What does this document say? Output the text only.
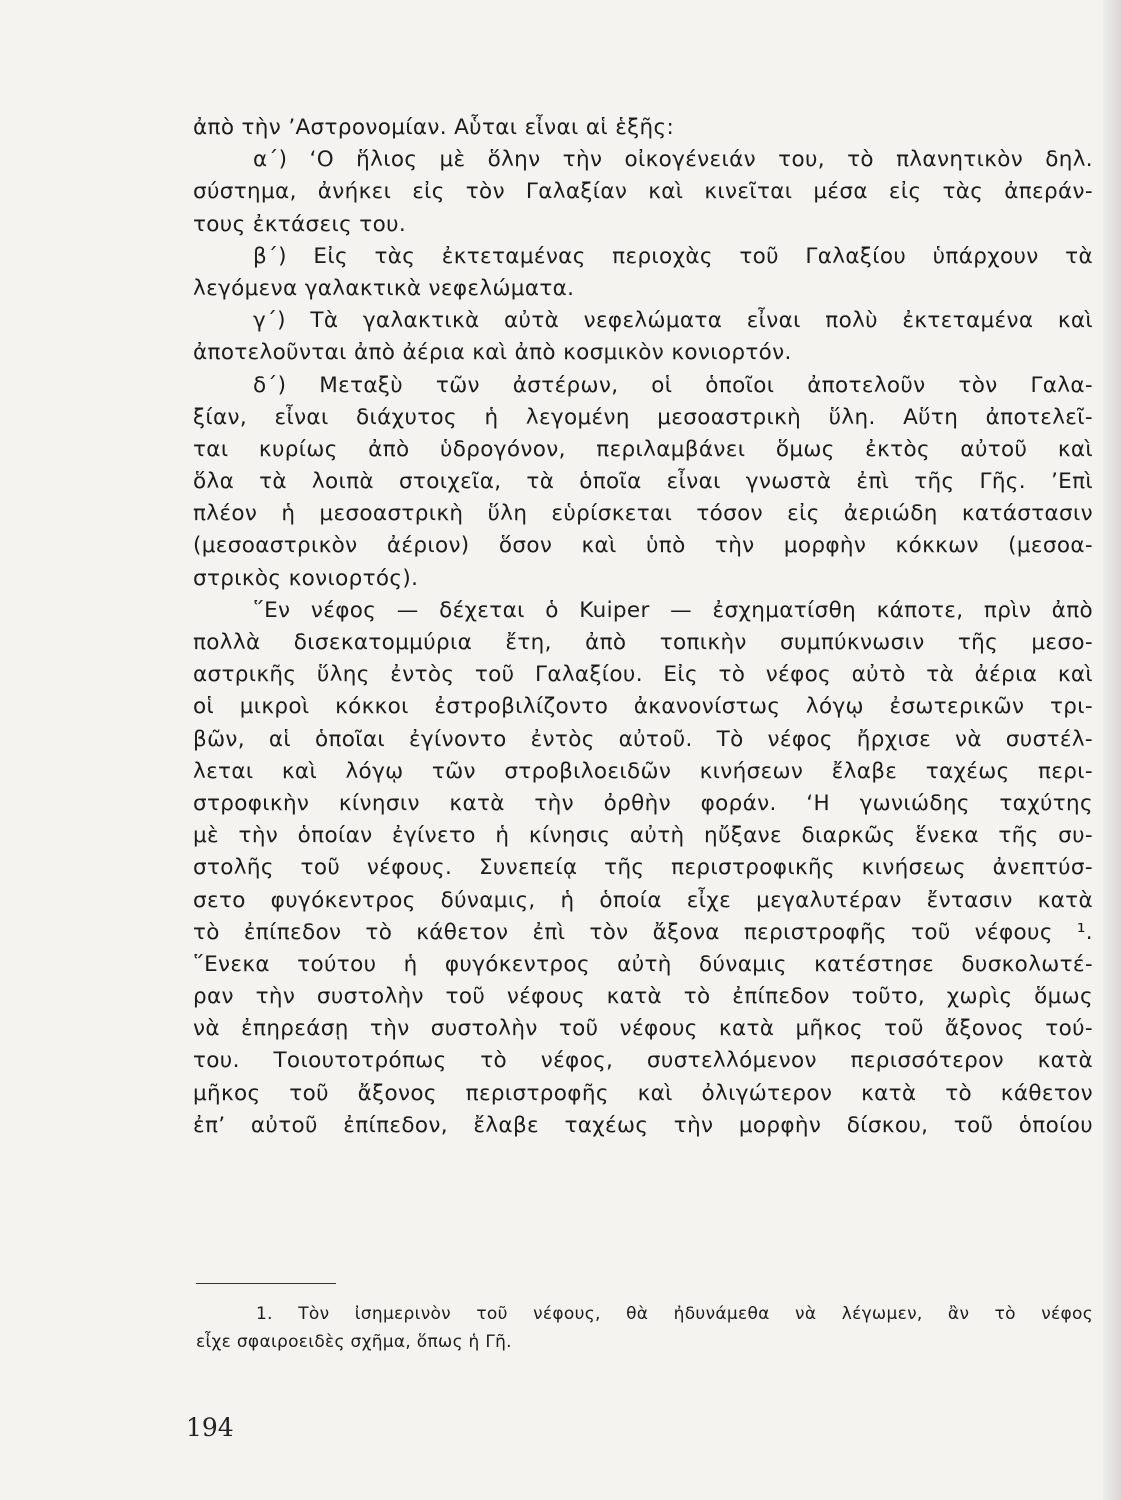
ἀπὸ τὴν ’Αστρονομίαν. Αὗται εἶναι αἱ ἑξῆς:
α΄) ‘Ο ἥλιος μὲ ὅλην τὴν οἰκογένειάν του, τὸ πλανητικὸν δηλ.
σύστημα, ἀνήκει εἰς τὸν Γαλαξίαν καὶ κινεῖται μέσα εἰς τὰς ἀπεράν-
τους ἐκτάσεις του.
β΄) Εἰς τὰς ἐκτεταμένας περιοχὰς τοῦ Γαλαξίου ὑπάρχουν τὰ
λεγόμενα γαλακτικὰ νεφελώματα.
γ΄) Τὰ γαλακτικὰ αὐτὰ νεφελώματα εἶναι πολὺ ἐκτεταμένα καὶ
ἀποτελοῦνται ἀπὸ ἀέρια καὶ ἀπὸ κοσμικὸν κονιορτόν.
δ΄) Μεταξὺ τῶν ἀστέρων, οἱ ὁποῖοι ἀποτελοῦν τὸν Γαλα-
ξίαν, εἶναι διάχυτος ἡ λεγομένη μεσοαστρικὴ ὕλη. Αὕτη ἀποτελεῖ-
ται κυρίως ἀπὸ ὑδρογόνον, περιλαμβάνει ὅμως ἐκτὸς αὐτοῦ καὶ
ὅλα τὰ λοιπὰ στοιχεῖα, τὰ ὁποῖα εἶναι γνωστὰ ἐπὶ τῆς Γῆς. ’Επὶ
πλέον ἡ μεσοαστρικὴ ὕλη εὑρίσκεται τόσον εἰς ἀεριώδη κατάστασιν
(μεσοαστρικὸν ἀέριον) ὅσον καὶ ὑπὸ τὴν μορφὴν κόκκων (μεσοα-
στρικὸς κονιορτός).
῞Εν νέφος — δέχεται ὁ Kuiper — ἐσχηματίσθη κάποτε, πρὶν ἀπὸ
πολλὰ δισεκατομμύρια ἔτη, ἀπὸ τοπικὴν συμπύκνωσιν τῆς μεσο-
αστρικῆς ὕλης ἐντὸς τοῦ Γαλαξίου. Εἰς τὸ νέφος αὐτὸ τὰ ἀέρια καὶ
οἱ μικροὶ κόκκοι ἐστροβιλίζοντο ἀκανονίστως λόγῳ ἐσωτερικῶν τρι-
βῶν, αἱ ὁποῖαι ἐγίνοντο ἐντὸς αὐτοῦ. Τὸ νέφος ἤρχισε νὰ συστέλ-
λεται καὶ λόγῳ τῶν στροβιλοειδῶν κινήσεων ἔλαβε ταχέως περι-
στροφικὴν κίνησιν κατὰ τὴν ὀρθὴν φοράν. ‘Η γωνιώδης ταχύτης
μὲ τὴν ὁποίαν ἐγίνετο ἡ κίνησις αὐτὴ ηὔξανε διαρκῶς ἕνεκα τῆς συ-
στολῆς τοῦ νέφους. Συνεπείᾳ τῆς περιστροφικῆς κινήσεως ἀνεπτύσ-
σετο φυγόκεντρος δύναμις, ἡ ὁποία εἶχε μεγαλυτέραν ἔντασιν κατὰ
τὸ ἐπίπεδον τὸ κάθετον ἐπὶ τὸν ἄξονα περιστροφῆς τοῦ νέφους ¹.
῞Ενεκα τούτου ἡ φυγόκεντρος αὐτὴ δύναμις κατέστησε δυσκολωτέ-
ραν τὴν συστολὴν τοῦ νέφους κατὰ τὸ ἐπίπεδον τοῦτο, χωρὶς ὅμως
νὰ ἐπηρεάσῃ τὴν συστολὴν τοῦ νέφους κατὰ μῆκος τοῦ ἄξονος τού-
του. Τοιουτοτρόπως τὸ νέφος, συστελλόμενον περισσότερον κατὰ
μῆκος τοῦ ἄξονος περιστροφῆς καὶ ὀλιγώτερον κατὰ τὸ κάθετον
ἐπ’ αὐτοῦ ἐπίπεδον, ἔλαβε ταχέως τὴν μορφὴν δίσκου, τοῦ ὁποίου
1. Τὸν ἰσημερινὸν τοῦ νέφους, θὰ ἠδυνάμεθα νὰ λέγωμεν, ἂν τὸ νέφος
εἶχε σφαιροειδὲς σχῆμα, ὅπως ἡ Γῆ.
194
